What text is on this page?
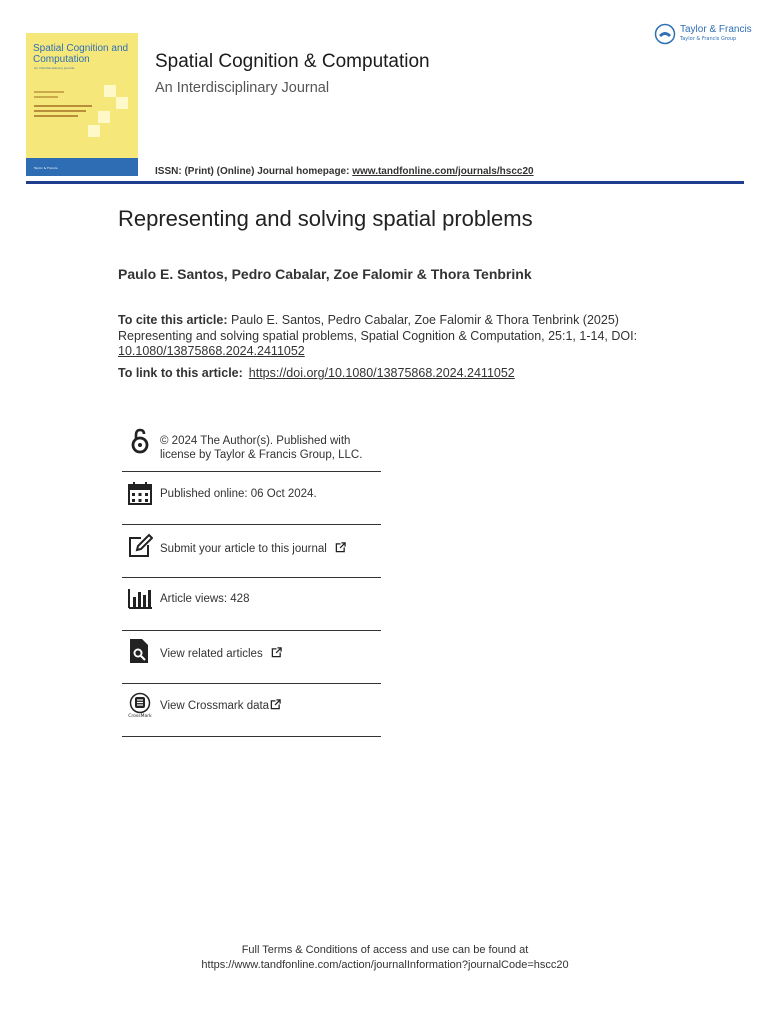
Spatial Cognition and Computation
An Interdisciplinary Journal
Taylor & Francis
Taylor & Francis
Taylor & Francis Group
Spatial Cognition & Computation
An Interdisciplinary Journal
ISSN: (Print) (Online) Journal homepage: www.tandfonline.com/journals/hscc20
Representing and solving spatial problems
Paulo E. Santos, Pedro Cabalar, Zoe Falomir & Thora Tenbrink
To cite this article: Paulo E. Santos, Pedro Cabalar, Zoe Falomir & Thora Tenbrink (2025) Representing and solving spatial problems, Spatial Cognition & Computation, 25:1, 1-14, DOI:
10.1080/13875868.2024.2411052
To link to this article: https://doi.org/10.1080/13875868.2024.2411052
© 2024 The Author(s). Published with
license by Taylor & Francis Group, LLC.
Published online: 06 Oct 2024.
Submit your article to this journal
Article views: 428
View related articles
CrossMark
View Crossmark data
Full Terms & Conditions of access and use can be found at
https://www.tandfonline.com/action/journalInformation?journalCode=hscc20
